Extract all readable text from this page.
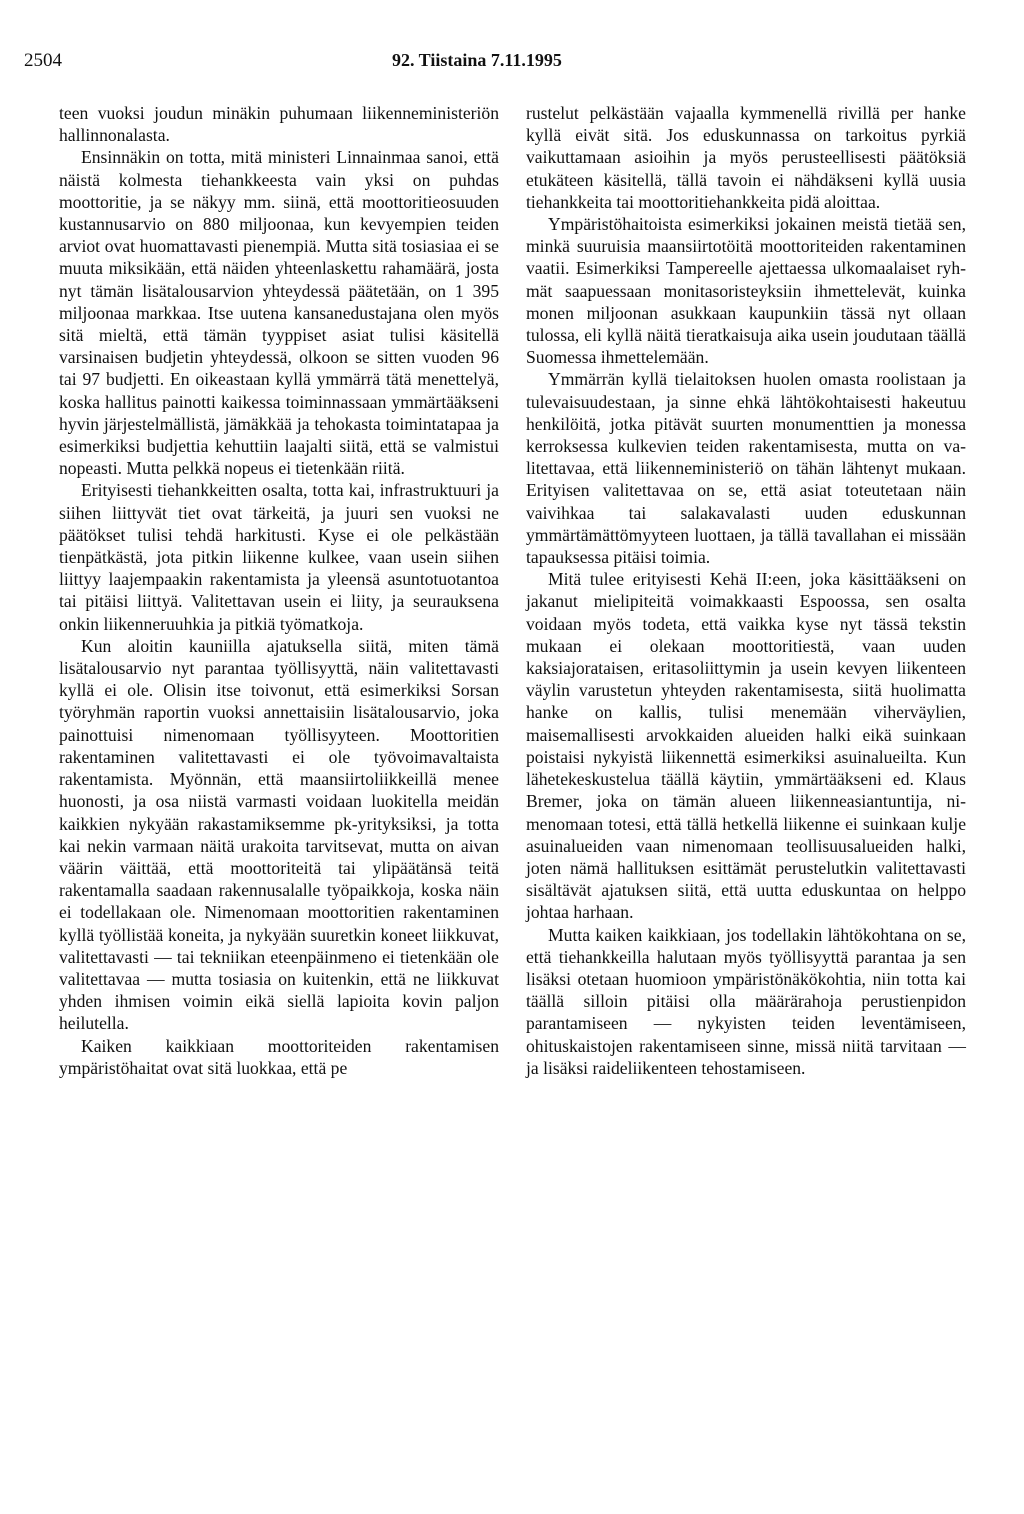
2504	92. Tiistaina 7.11.1995

teen vuoksi joudun minäkin puhumaan liikenneministeriön hallinnonalasta.

Ensinnäkin on totta, mitä ministeri Linnainmaa sanoi, että näistä kolmesta tiehankkeesta vain yksi on puhdas moottoritie, ja se näkyy mm. siinä, että moottoritieosuuden kustannusarvio on 880 miljoonaa, kun kevyempien teiden arviot ovat huomattavasti pienempiä. Mutta sitä tosiasiaa ei se muuta miksikään, että näiden yhteenlaskettu rahamäärä, josta nyt tämän lisätalousarvion yhteydessä päätetään, on 1 395 miljoonaa markkaa. Itse uutena kansanedustajana olen myös sitä mieltä, että tämän tyyppiset asiat tulisi käsitellä varsinaisen budjetin yhteydessä, olkoon se sitten vuoden 96 tai 97 budjetti. En oikeastaan kyllä ymmärrä tätä menettelyä, koska hallitus painotti kaikessa toiminnassaan ymmärtääkseni hyvin järjestelmällistä, jämäkkää ja tehokasta toimintatapaa ja esimerkiksi budjettia kehuttiin laajalti siitä, että se valmistui nopeasti. Mutta pelkkä nopeus ei tietenkään riitä.

Erityisesti tiehankkeitten osalta, totta kai, infrastruktuuri ja siihen liittyvät tiet ovat tärkeitä, ja juuri sen vuoksi ne päätökset tulisi tehdä harkitusti. Kyse ei ole pelkästään tienpätkästä, jota pitkin liikenne kulkee, vaan usein siihen liittyy laajempaakin rakentamista ja yleensä asuntotuotantoa tai pitäisi liittyä. Valitettavan usein ei liity, ja seurauksena onkin liikenneruuhkia ja pitkiä työmatkoja.

Kun aloitin kauniilla ajatuksella siitä, miten tämä lisätalousarvio nyt parantaa työllisyyttä, näin valitettavasti kyllä ei ole. Olisin itse toivonut, että esimerkiksi Sorsan työryhmän raportin vuoksi annettaisiin lisätalousarvio, joka painottuisi nimenomaan työllisyyteen. Moottoritien rakentaminen valitettavasti ei ole työvoimavaltaista rakentamista. Myönnän, että maansiirtoliikkeillä menee huonosti, ja osa niistä varmasti voidaan luokitella meidän kaikkien nykyään rakastamiksemme pk-yrityksiksi, ja totta kai nekin varmaan näitä urakoita tarvitsevat, mutta on aivan väärin väittää, että moottoriteitä tai ylipäätänsä teitä rakentamalla saadaan rakennusalalle työpaikkoja, koska näin ei todellakaan ole. Nimenomaan moottoritien rakentaminen kyllä työllistää koneita, ja nykyään suuretkin koneet liikkuvat, valitettavasti — tai tekniikan eteenpäinmeno ei tietenkään ole valitettavaa — mutta tosiasia on kuitenkin, että ne liikkuvat yhden ihmisen voimin eikä siellä lapioita kovin paljon heilutella.

Kaiken kaikkiaan moottoriteiden rakentamisen ympäristöhaitat ovat sitä luokkaa, että pe

rustelut pelkästään vajaalla kymmenellä rivillä per hanke kyllä eivät sitä. Jos eduskunnassa on tarkoitus pyrkiä vaikuttamaan asioihin ja myös perusteellisesti päätöksiä etukäteen käsitellä, tällä tavoin ei nähdäkseni kyllä uusia tiehankkeita tai moottoritiehankkeita pidä aloittaa.

Ympäristöhaitoista esimerkiksi jokainen meistä tietää sen, minkä suuruisia maansiirtotöitä moottoriteiden rakentaminen vaatii. Esimerkiksi Tampereelle ajettaessa ulkomaalaiset ryhmät saapuessaan monitasoristeyksiin ihmettelevät, kuinka monen miljoonan asukkaan kaupunkiin tässä nyt ollaan tulossa, eli kyllä näitä tieratkaisuja aika usein joudutaan täällä Suomessa ihmettelemään.

Ymmärrän kyllä tielaitoksen huolen omasta roolistaan ja tulevaisuudestaan, ja sinne ehkä lähtökohtaisesti hakeutuu henkilöitä, jotka pitävät suurten monumenttien ja monessa kerroksessa kulkevien teiden rakentamisesta, mutta on valitettavaa, että liikenneministeriö on tähän lähtenyt mukaan. Erityisen valitettavaa on se, että asiat toteutetaan näin vaivihkaa tai salakavalasti uuden eduskunnan ymmärtämättömyyteen luottaen, ja tällä tavallahan ei missään tapauksessa pitäisi toimia.

Mitä tulee erityisesti Kehä II:een, joka käsittääkseni on jakanut mielipiteitä voimakkaasti Espoossa, sen osalta voidaan myös todeta, että vaikka kyse nyt tässä tekstin mukaan ei olekaan moottoritiestä, vaan uuden kaksiajorataisen, eritasoliittymin ja usein kevyen liikenteen väylin varustetun yhteyden rakentamisesta, siitä huolimatta hanke on kallis, tulisi menemään viherväylien, maisemallisesti arvokkaiden alueiden halki eikä suinkaan poistaisi nykyistä liikennettä esimerkiksi asuinalueilta. Kun lähetekeskustelua täällä käytiin, ymmärtääkseni ed. Klaus Bremer, joka on tämän alueen liikenneasiantuntija, nimenomaan totesi, että tällä hetkellä liikenne ei suinkaan kulje asuinalueiden vaan nimenomaan teollisuusalueiden halki, joten nämä hallituksen esittämät perustelutkin valitettavasti sisältävät ajatuksen siitä, että uutta eduskuntaa on helppo johtaa harhaan.

Mutta kaiken kaikkiaan, jos todellakin lähtökohtana on se, että tiehankkeilla halutaan myös työllisyyttä parantaa ja sen lisäksi otetaan huomioon ympäristönäkökohtia, niin totta kai täällä silloin pitäisi olla määrärahoja perustienpidon parantamiseen — nykyisten teiden leventämiseen, ohituskaistojen rakentamiseen sinne, missä niitä tarvitaan — ja lisäksi raideliikenteen tehostamiseen.
